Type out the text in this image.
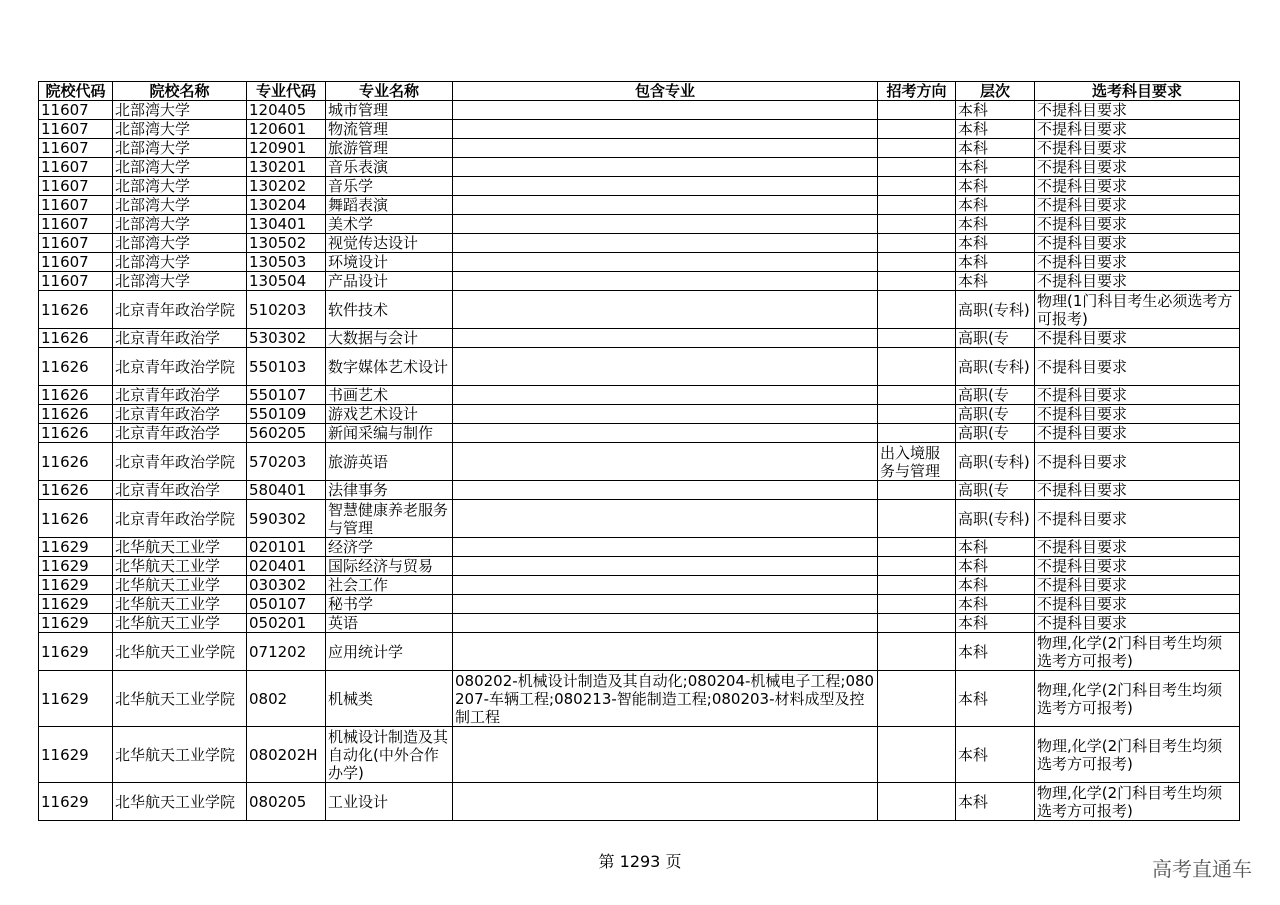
院校代码	院校名称	专业代码	专业名称	包含专业	招考方向	层次	选考科目要求
11607	北部湾大学	120405	城市管理			本科	不提科目要求
11607	北部湾大学	120601	物流管理			本科	不提科目要求
11607	北部湾大学	120901	旅游管理			本科	不提科目要求
11607	北部湾大学	130201	音乐表演			本科	不提科目要求
11607	北部湾大学	130202	音乐学			本科	不提科目要求
11607	北部湾大学	130204	舞蹈表演			本科	不提科目要求
11607	北部湾大学	130401	美术学			本科	不提科目要求
11607	北部湾大学	130502	视觉传达设计			本科	不提科目要求
11607	北部湾大学	130503	环境设计			本科	不提科目要求
11607	北部湾大学	130504	产品设计			本科	不提科目要求
11626	北京青年政治学院	510203	软件技术			高职(专科)	物理(1门科目考生必须选考方可报考)
11626	北京青年政治学	530302	大数据与会计			高职(专	不提科目要求
11626	北京青年政治学院	550103	数字媒体艺术设计			高职(专科)	不提科目要求
11626	北京青年政治学	550107	书画艺术			高职(专	不提科目要求
11626	北京青年政治学	550109	游戏艺术设计			高职(专	不提科目要求
11626	北京青年政治学	560205	新闻采编与制作			高职(专	不提科目要求
11626	北京青年政治学院	570203	旅游英语		出入境服务与管理	高职(专科)	不提科目要求
11626	北京青年政治学	580401	法律事务			高职(专	不提科目要求
11626	北京青年政治学院	590302	智慧健康养老服务与管理			高职(专科)	不提科目要求
11629	北华航天工业学	020101	经济学			本科	不提科目要求
11629	北华航天工业学	020401	国际经济与贸易			本科	不提科目要求
11629	北华航天工业学	030302	社会工作			本科	不提科目要求
11629	北华航天工业学	050107	秘书学			本科	不提科目要求
11629	北华航天工业学	050201	英语			本科	不提科目要求
11629	北华航天工业学院	071202	应用统计学			本科	物理,化学(2门科目考生均须选考方可报考)
11629	北华航天工业学院	0802	机械类	080202-机械设计制造及其自动化;080204-机械电子工程;080207-车辆工程;080213-智能制造工程;080203-材料成型及控制工程		本科	物理,化学(2门科目考生均须选考方可报考)
11629	北华航天工业学院	080202H	机械设计制造及其自动化(中外合作办学)			本科	物理,化学(2门科目考生均须选考方可报考)
11629	北华航天工业学院	080205	工业设计			本科	物理,化学(2门科目考生均须选考方可报考)
第 1293 页	高考直通车
